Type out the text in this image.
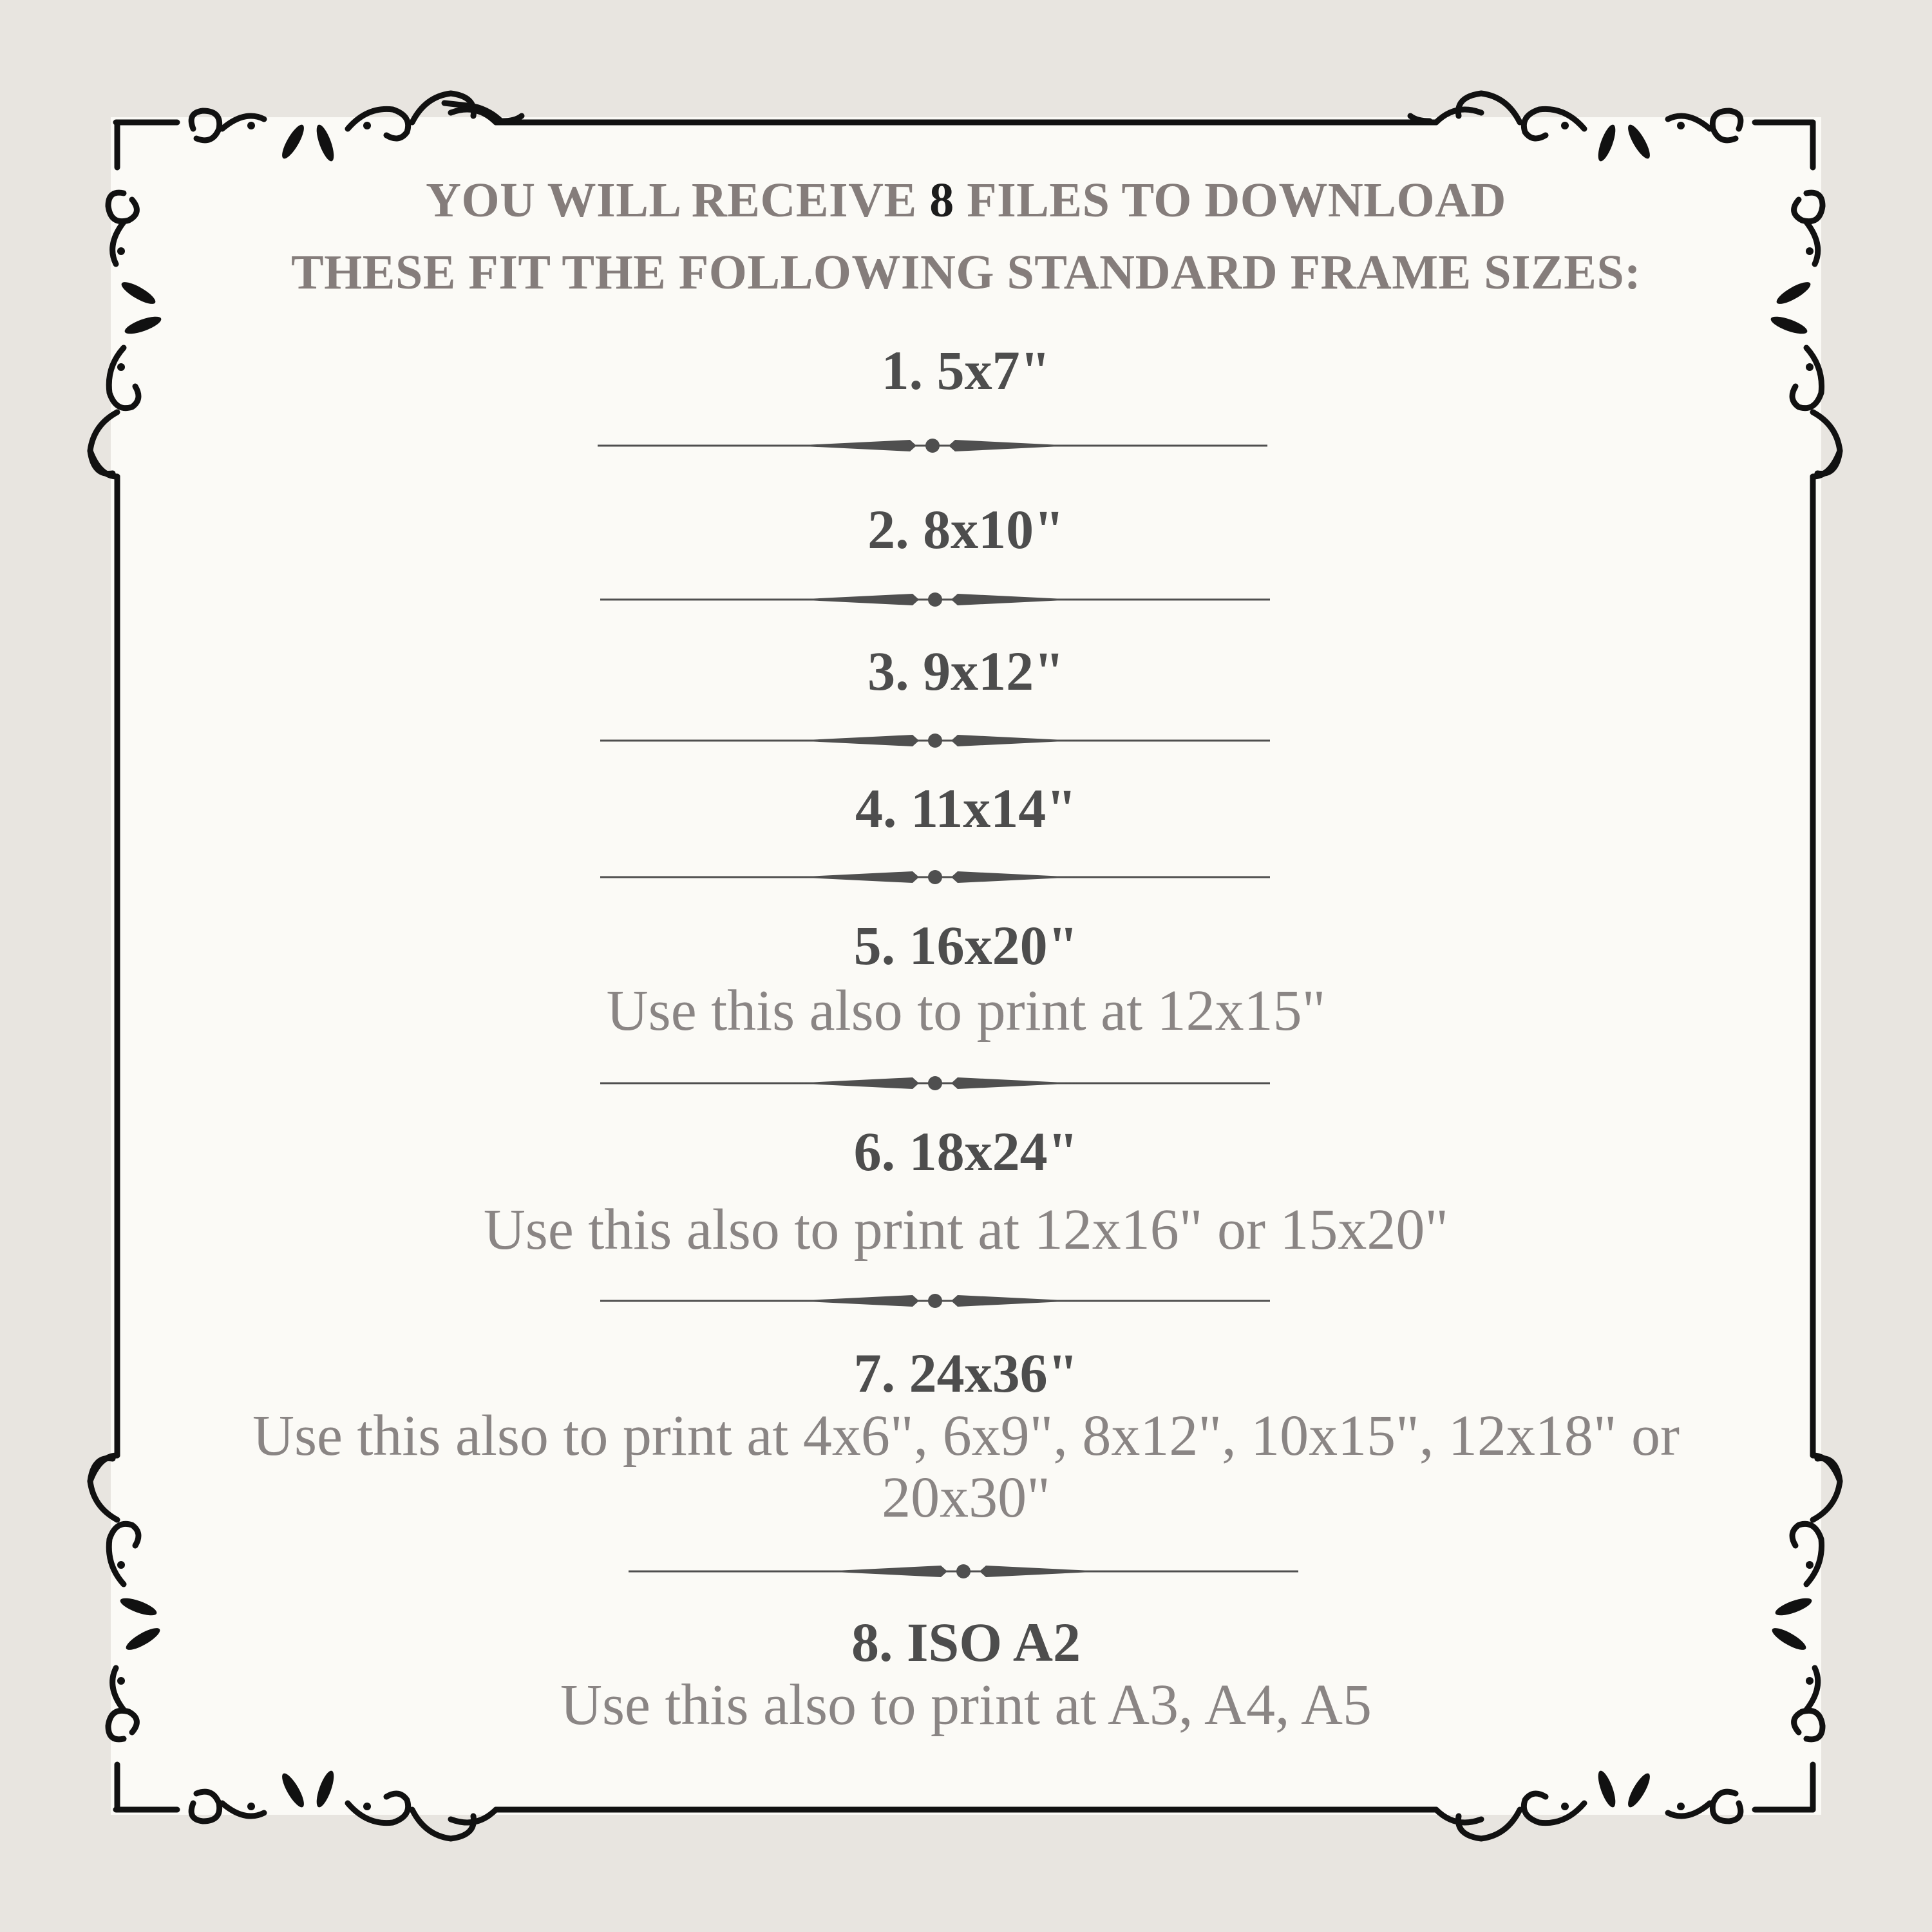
YOU WILL RECEIVE 8 FILES TO DOWNLOAD
THESE FIT THE FOLLOWING STANDARD FRAME SIZES:
1. 5x7"
2. 8x10"
3. 9x12"
4. 11x14"
5. 16x20"
Use this also to print at 12x15"
6. 18x24"
Use this also to print at 12x16" or 15x20"
7. 24x36"
Use this also to print at 4x6", 6x9", 8x12", 10x15", 12x18" or
20x30"
8. ISO A2
Use this also to print at A3, A4, A5
